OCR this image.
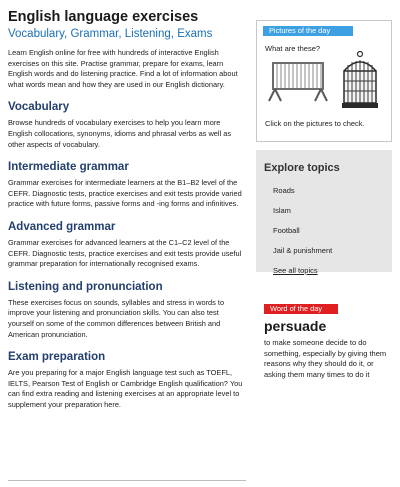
English language exercises
Vocabulary, Grammar, Listening, Exams

Learn English online for free with hundreds of interactive English exercises on this site. Practise grammar, prepare for exams, learn English words and do listening practice. Find a lot of information about what words mean and how they are used in our English dictionary.

Vocabulary

Browse hundreds of vocabulary exercises to help you learn more English collocations, synonyms, idioms and phrasal verbs as well as other aspects of vocabulary.

Intermediate grammar

Grammar exercises for intermediate learners at the B1–B2 level of the CEFR. Diagnostic tests, practice exercises and exit tests provide varied practice with future forms, passive forms and -ing forms and infinitives.

Advanced grammar

Grammar exercises for advanced learners at the C1–C2 level of the CEFR. Diagnostic tests, practice exercises and exit tests provide useful grammar preparation for internationally recognised exams.

Listening and pronunciation

These exercises focus on sounds, syllables and stress in words to improve your listening and pronunciation skills. You can also test yourself on some of the common differences between British and American pronunciation.

Exam preparation

Are you preparing for a major English language test such as TOEFL, IELTS, Pearson Test of English or Cambridge English qualification? You can find extra reading and listening exercises at an appropriate level to supplement your preparation here.

Pictures of the day
What are these?
Click on the pictures to check.
Explore topics
Roads
Islam
Football
Jail & punishment
See all topics
Word of the day
persuade
to make someone decide to do something, especially by giving them reasons why they should do it, or asking them many times to do it
